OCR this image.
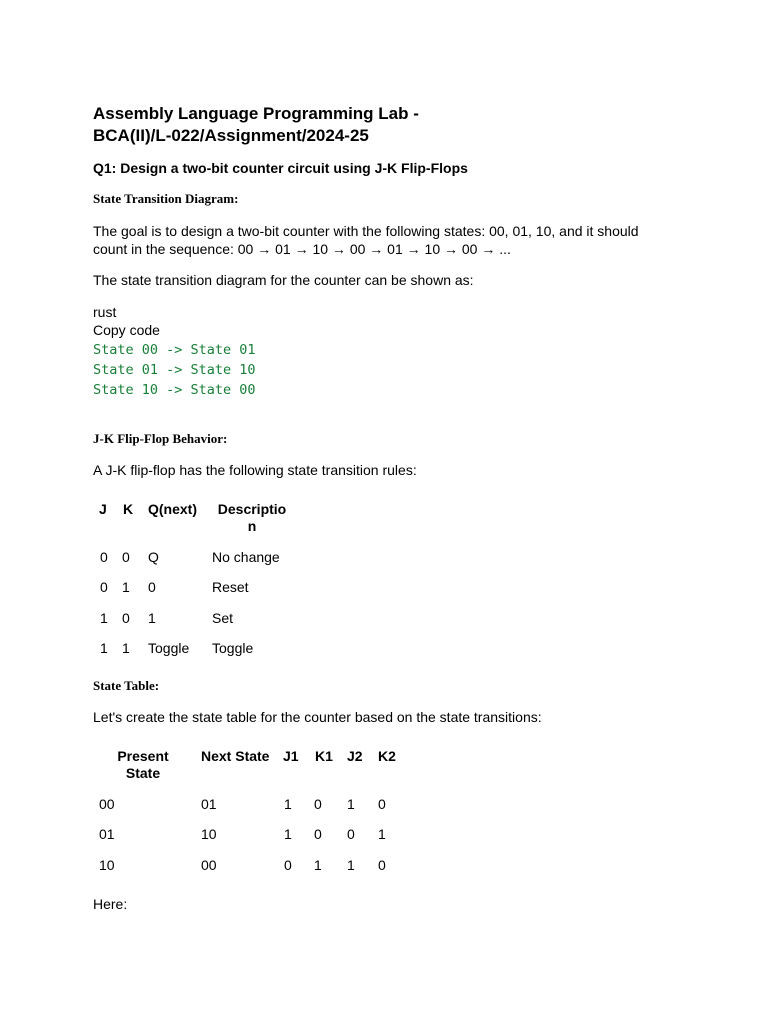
Assembly Language Programming Lab -
BCA(II)/L-022/Assignment/2024-25
Q1: Design a two-bit counter circuit using J-K Flip-Flops
State Transition Diagram:
The goal is to design a two-bit counter with the following states: 00, 01, 10, and it should
count in the sequence: 00 → 01 → 10 → 00 → 01 → 10 → 00 → ...
The state transition diagram for the counter can be shown as:
rust
Copy code
State 00 -> State 01
State 01 -> State 10
State 10 -> State 00
J-K Flip-Flop Behavior:
A J-K flip-flop has the following state transition rules:
J K Q(next) Descriptio
n
0 0 Q	No change
0 1 0	Reset
1 0 1	Set
1 1 Toggle Toggle
State Table:
Let's create the state table for the counter based on the state transitions:
Present
State
Next State J1 K1 J2 K2
00	01	1 0 1 0
01	10	1 0 0 1
10	00	0 1 1 0
Here:
